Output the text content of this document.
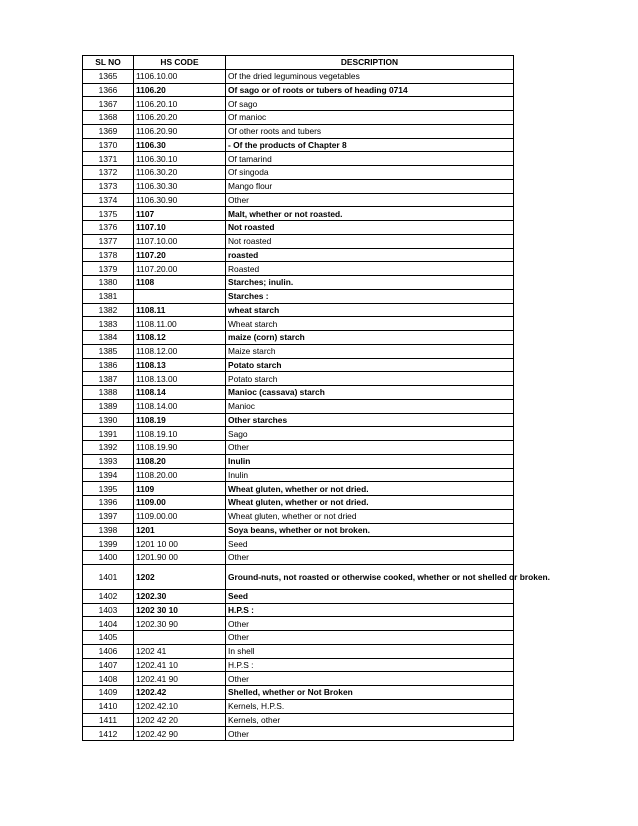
SL NO	HS CODE	DESCRIPTION
1365	1106.10.00	Of the dried leguminous vegetables
1366	1106.20	Of sago or of roots or tubers of heading 0714
1367	1106.20.10	Of sago
1368	1106.20.20	Of manioc
1369	1106.20.90	Of other roots and tubers
1370	1106.30	- Of the products of Chapter 8
1371	1106.30.10	Of tamarind
1372	1106.30.20	Of singoda
1373	1106.30.30	Mango flour
1374	1106.30.90	Other
1375	1107	Malt, whether or not roasted.
1376	1107.10	Not roasted
1377	1107.10.00	Not roasted
1378	1107.20	roasted
1379	1107.20.00	Roasted
1380	1108	Starches; inulin.
1381		Starches :
1382	1108.11	wheat starch
1383	1108.11.00	Wheat starch
1384	1108.12	maize (corn) starch
1385	1108.12.00	Maize starch
1386	1108.13	Potato starch
1387	1108.13.00	Potato starch
1388	1108.14	Manioc (cassava) starch
1389	1108.14.00	Manioc
1390	1108.19	Other starches
1391	1108.19.10	Sago
1392	1108.19.90	Other
1393	1108.20	Inulin
1394	1108.20.00	Inulin
1395	1109	Wheat gluten, whether or not dried.
1396	1109.00	Wheat gluten, whether or not dried.
1397	1109.00.00	Wheat gluten, whether or not dried
1398	1201	Soya beans, whether or not broken.
1399	1201 10 00	Seed
1400	1201.90 00	Other
1401	1202	Ground-nuts, not roasted or otherwise cooked, whether or not shelled or broken.
1402	1202.30	Seed
1403	1202 30 10	H.P.S :
1404	1202.30 90	Other
1405		Other
1406	1202 41	In shell
1407	1202.41 10	H.P.S :
1408	1202.41 90	Other
1409	1202.42	Shelled, whether or Not Broken
1410	1202.42.10	Kernels, H.P.S.
1411	1202 42 20	Kernels, other
1412	1202.42 90	Other
